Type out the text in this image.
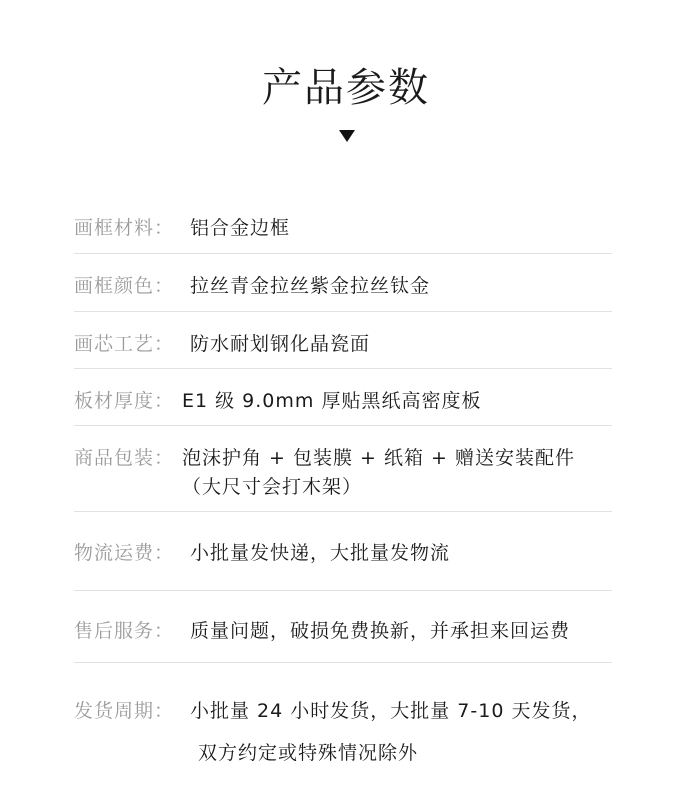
产品参数
画框材料： 铝合金边框
画框颜色： 拉丝青金拉丝紫金拉丝钛金
画芯工艺： 防水耐划钢化晶瓷面
板材厚度： E1 级 9.0mm 厚贴黑纸高密度板
商品包装： 泡沫护角 + 包装膜 + 纸箱 + 赠送安装配件
（大尺寸会打木架）
物流运费： 小批量发快递，大批量发物流
售后服务： 质量问题，破损免费换新，并承担来回运费
发货周期： 小批量 24 小时发货，大批量 7-10 天发货，
双方约定或特殊情况除外
